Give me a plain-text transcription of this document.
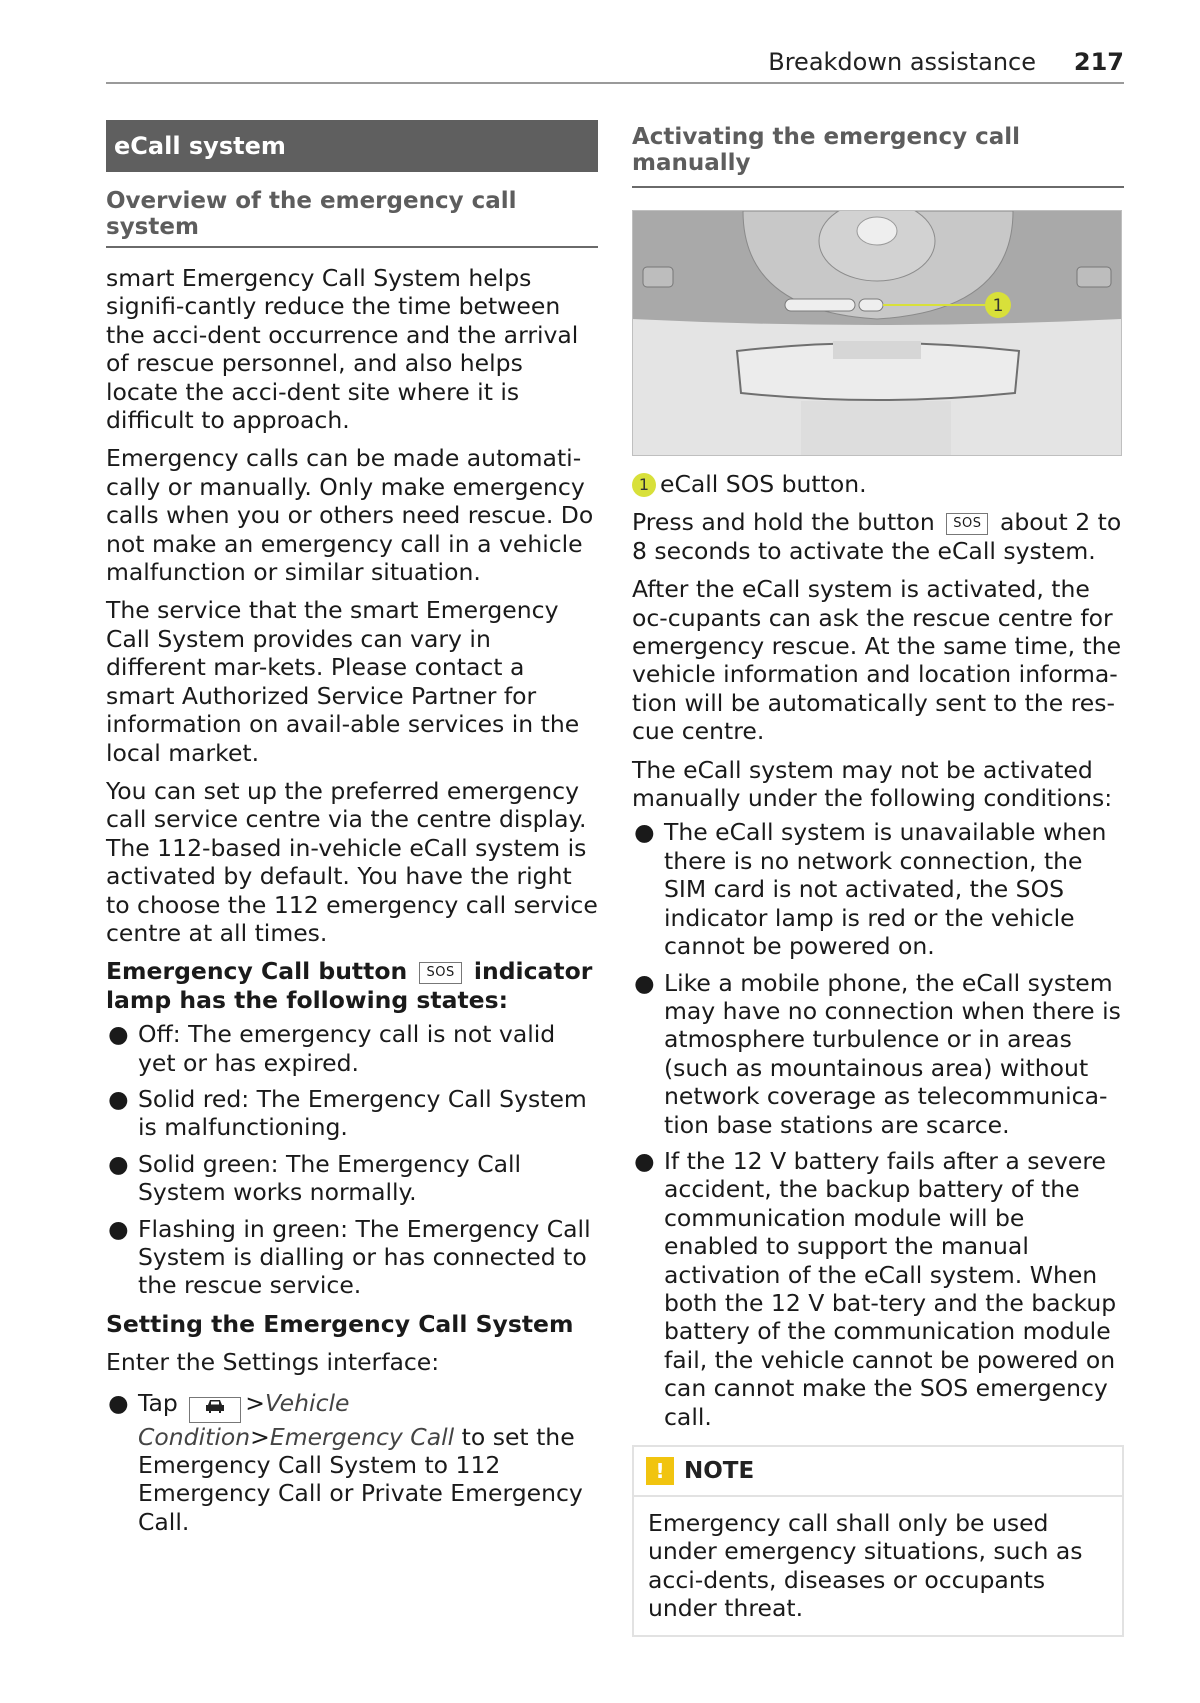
Breakdown assistance 217
eCall system
Overview of the emergency call system

smart Emergency Call System helps signifi-cantly reduce the time between the acci-dent occurrence and the arrival of rescue personnel, and also helps locate the acci-dent site where it is difficult to approach.

Emergency calls can be made automati-cally or manually. Only make emergency calls when you or others need rescue. Do not make an emergency call in a vehicle malfunction or similar situation.

The service that the smart Emergency Call System provides can vary in different mar-kets. Please contact a smart Authorized Service Partner for information on avail-able services in the local market.

You can set up the preferred emergency call service centre via the centre display. The 112-based in-vehicle eCall system is activated by default. You have the right to choose the 112 emergency call service centre at all times.

Emergency Call button SOS indicator lamp has the following states:

● Off: The emergency call is not valid yet or has expired.
● Solid red: The Emergency Call System is malfunctioning.
● Solid green: The Emergency Call System works normally.
● Flashing in green: The Emergency Call System is dialling or has connected to the rescue service.

Setting the Emergency Call System

Enter the Settings interface:

● Tap	>Vehicle Condition>Emergency Call to set the Emergency Call System to 112 Emergency Call or Private Emergency Call.
Activating the emergency call manually
1

1 eCall SOS button.

Press and hold the button SOS about 2 to 8 seconds to activate the eCall system.

After the eCall system is activated, the oc-cupants can ask the rescue centre for emergency rescue. At the same time, the vehicle information and location informa-tion will be automatically sent to the res-cue centre.

The eCall system may not be activated manually under the following conditions:

● The eCall system is unavailable when there is no network connection, the SIM card is not activated, the SOS indicator lamp is red or the vehicle cannot be powered on.
● Like a mobile phone, the eCall system may have no connection when there is atmosphere turbulence or in areas (such as mountainous area) without network coverage as telecommunica-tion base stations are scarce.
● If the 12 V battery fails after a severe accident, the backup battery of the communication module will be enabled to support the manual activation of the eCall system. When both the 12 V bat-tery and the backup battery of the communication module fail, the vehicle cannot be powered on can cannot make the SOS emergency call.
! NOTE

Emergency call shall only be used under emergency situations, such as acci-dents, diseases or occupants under threat.
